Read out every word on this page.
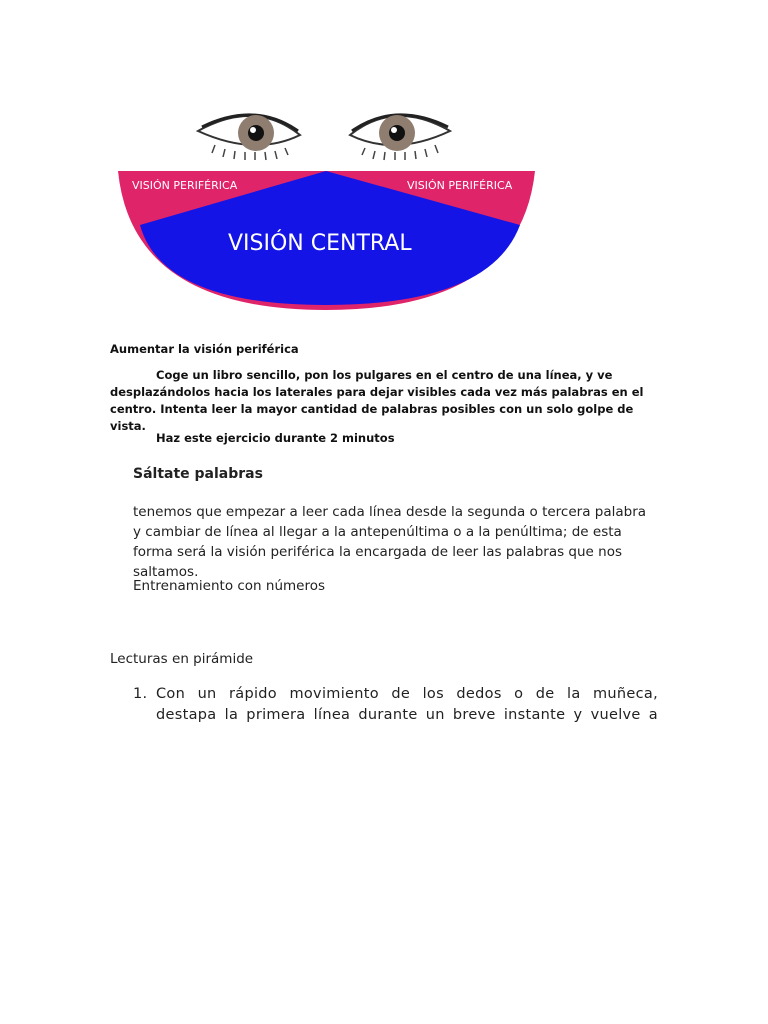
VISIÓN PERIFÉRICA	VISIÓN PERIFÉRICA
VISIÓN CENTRAL

Aumentar la visión periférica

Coge un libro sencillo, pon los pulgares en el centro de una línea, y ve desplazándolos hacia los laterales para dejar visibles cada vez más palabras en el centro. Intenta leer la mayor cantidad de palabras posibles con un solo golpe de vista.

Haz este ejercicio durante 2 minutos

Sáltate palabras
tenemos que empezar a leer cada línea desde la segunda o tercera palabra y cambiar de línea al llegar a la antepenúltima o a la penúltima; de esta forma será la visión periférica la encargada de leer las palabras que nos saltamos.
Entrenamiento con números
Lecturas en pirámide
1. Con un rápido movimiento de los dedos o de la muñeca,
destapa la primera línea durante un breve instante y vuelve a
